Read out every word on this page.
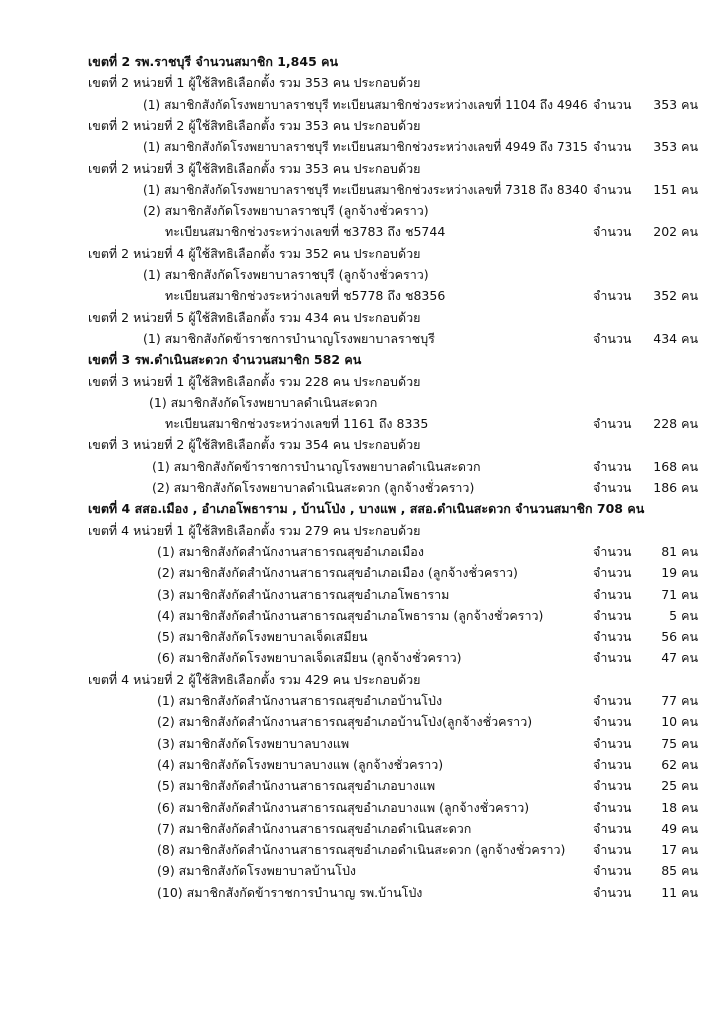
เขตที่ 2 รพ.ราชบุรี จำนวนสมาชิก 1,845 คน
เขตที่ 2 หน่วยที่ 1 ผู้ใช้สิทธิเลือกตั้ง รวม 353 คน ประกอบด้วย
(1) สมาชิกสังกัดโรงพยาบาลราชบุรี ทะเบียนสมาชิกช่วงระหว่างเลขที่ 1104 ถึง 4946 จำนวน	353 คน
เขตที่ 2 หน่วยที่ 2 ผู้ใช้สิทธิเลือกตั้ง รวม 353 คน ประกอบด้วย
(1) สมาชิกสังกัดโรงพยาบาลราชบุรี ทะเบียนสมาชิกช่วงระหว่างเลขที่ 4949 ถึง 7315 จำนวน	353 คน
เขตที่ 2 หน่วยที่ 3 ผู้ใช้สิทธิเลือกตั้ง รวม 353 คน ประกอบด้วย
(1) สมาชิกสังกัดโรงพยาบาลราชบุรี ทะเบียนสมาชิกช่วงระหว่างเลขที่ 7318 ถึง 8340 จำนวน	151 คน
(2) สมาชิกสังกัดโรงพยาบาลราชบุรี (ลูกจ้างชั่วคราว)
ทะเบียนสมาชิกช่วงระหว่างเลขที่ ช3783 ถึง ช5744	จำนวน	202 คน
เขตที่ 2 หน่วยที่ 4 ผู้ใช้สิทธิเลือกตั้ง รวม 352 คน ประกอบด้วย
(1) สมาชิกสังกัดโรงพยาบาลราชบุรี (ลูกจ้างชั่วคราว)
ทะเบียนสมาชิกช่วงระหว่างเลขที่ ช5778 ถึง ช8356	จำนวน	352 คน
เขตที่ 2 หน่วยที่ 5 ผู้ใช้สิทธิเลือกตั้ง รวม 434 คน ประกอบด้วย
(1) สมาชิกสังกัดข้าราชการบำนาญโรงพยาบาลราชบุรี	จำนวน	434 คน
เขตที่ 3 รพ.ดำเนินสะดวก จำนวนสมาชิก 582 คน
เขตที่ 3 หน่วยที่ 1 ผู้ใช้สิทธิเลือกตั้ง รวม 228 คน ประกอบด้วย
(1) สมาชิกสังกัดโรงพยาบาลดำเนินสะดวก
ทะเบียนสมาชิกช่วงระหว่างเลขที่ 1161 ถึง 8335	จำนวน	228 คน
เขตที่ 3 หน่วยที่ 2 ผู้ใช้สิทธิเลือกตั้ง รวม 354 คน ประกอบด้วย
(1) สมาชิกสังกัดข้าราชการบำนาญโรงพยาบาลดำเนินสะดวก	จำนวน	168 คน
(2) สมาชิกสังกัดโรงพยาบาลดำเนินสะดวก (ลูกจ้างชั่วคราว)	จำนวน	186 คน
เขตที่ 4 สสอ.เมือง , อำเภอโพธาราม , บ้านโป่ง , บางแพ , สสอ.ดำเนินสะดวก จำนวนสมาชิก 708 คน
เขตที่ 4 หน่วยที่ 1 ผู้ใช้สิทธิเลือกตั้ง รวม 279 คน ประกอบด้วย
(1) สมาชิกสังกัดสำนักงานสาธารณสุขอำเภอเมือง	จำนวน	81 คน
(2) สมาชิกสังกัดสำนักงานสาธารณสุขอำเภอเมือง (ลูกจ้างชั่วคราว)	จำนวน	19 คน
(3) สมาชิกสังกัดสำนักงานสาธารณสุขอำเภอโพธาราม	จำนวน	71 คน
(4) สมาชิกสังกัดสำนักงานสาธารณสุขอำเภอโพธาราม (ลูกจ้างชั่วคราว)	จำนวน	5 คน
(5) สมาชิกสังกัดโรงพยาบาลเจ็ดเสมียน	จำนวน	56 คน
(6) สมาชิกสังกัดโรงพยาบาลเจ็ดเสมียน (ลูกจ้างชั่วคราว)	จำนวน	47 คน
เขตที่ 4 หน่วยที่ 2 ผู้ใช้สิทธิเลือกตั้ง รวม 429 คน ประกอบด้วย
(1) สมาชิกสังกัดสำนักงานสาธารณสุขอำเภอบ้านโป่ง	จำนวน	77 คน
(2) สมาชิกสังกัดสำนักงานสาธารณสุขอำเภอบ้านโป่ง(ลูกจ้างชั่วคราว)	จำนวน	10 คน
(3) สมาชิกสังกัดโรงพยาบาลบางแพ	จำนวน	75 คน
(4) สมาชิกสังกัดโรงพยาบาลบางแพ (ลูกจ้างชั่วคราว)	จำนวน	62 คน
(5) สมาชิกสังกัดสำนักงานสาธารณสุขอำเภอบางแพ	จำนวน	25 คน
(6) สมาชิกสังกัดสำนักงานสาธารณสุขอำเภอบางแพ (ลูกจ้างชั่วคราว)	จำนวน	18 คน
(7) สมาชิกสังกัดสำนักงานสาธารณสุขอำเภอดำเนินสะดวก	จำนวน	49 คน
(8) สมาชิกสังกัดสำนักงานสาธารณสุขอำเภอดำเนินสะดวก (ลูกจ้างชั่วคราว) จำนวน	17 คน
(9) สมาชิกสังกัดโรงพยาบาลบ้านโป่ง	จำนวน	85 คน
(10) สมาชิกสังกัดข้าราชการบำนาญ รพ.บ้านโป่ง	จำนวน	11 คน
